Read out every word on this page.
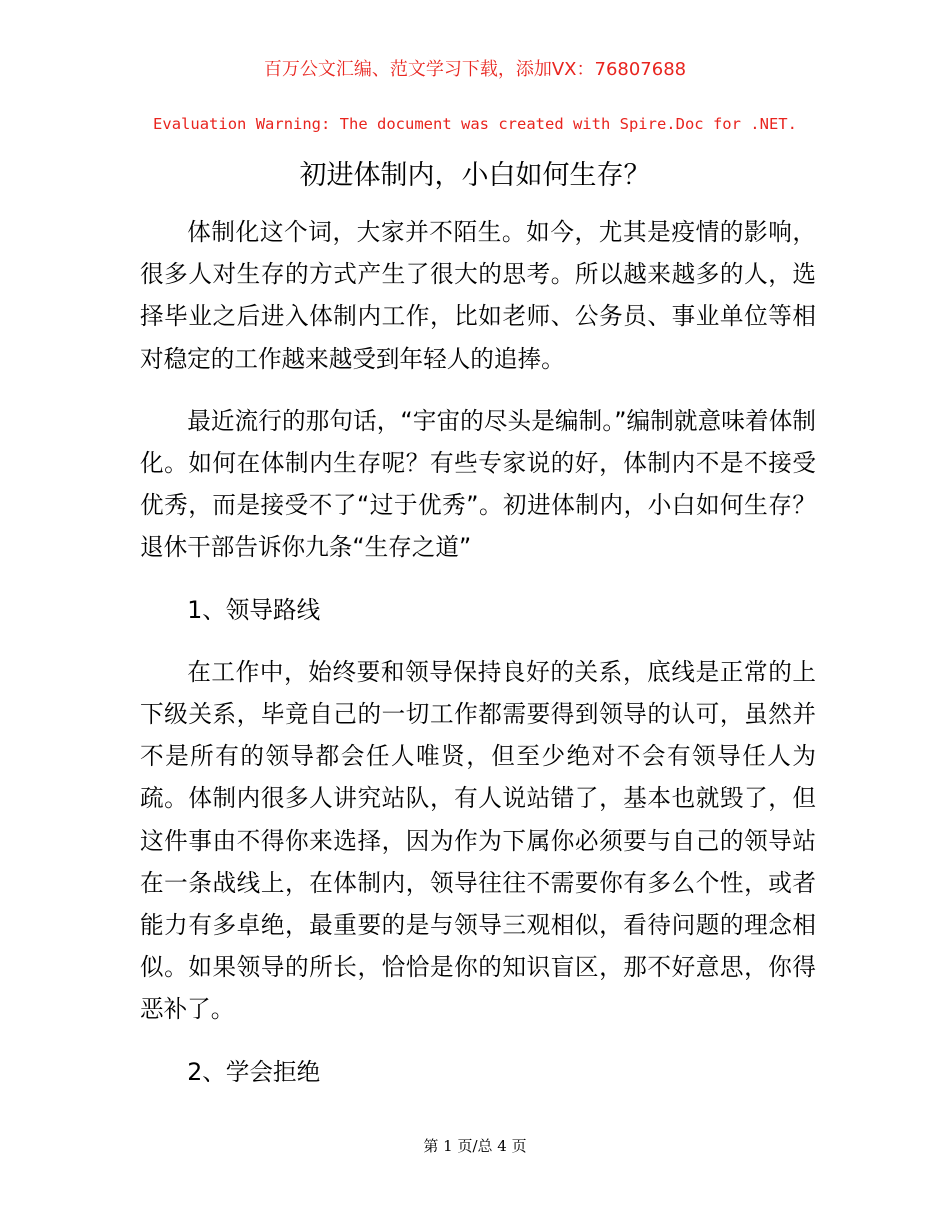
百万公文汇编、范文学习下载，添加VX：76807688
Evaluation Warning: The document was created with Spire.Doc for .NET.
初进体制内，小白如何生存？

体制化这个词，大家并不陌生。如今，尤其是疫情的影响，很多人对生存的方式产生了很大的思考。所以越来越多的人，选择毕业之后进入体制内工作，比如老师、公务员、事业单位等相对稳定的工作越来越受到年轻人的追捧。

最近流行的那句话，“宇宙的尽头是编制。”编制就意味着体制化。如何在体制内生存呢？有些专家说的好，体制内不是不接受优秀，而是接受不了“过于优秀”。初进体制内，小白如何生存？退休干部告诉你九条“生存之道”

1、领导路线

在工作中，始终要和领导保持良好的关系，底线是正常的上下级关系，毕竟自己的一切工作都需要得到领导的认可，虽然并不是所有的领导都会任人唯贤，但至少绝对不会有领导任人为疏。体制内很多人讲究站队，有人说站错了，基本也就毁了，但这件事由不得你来选择，因为作为下属你必须要与自己的领导站在一条战线上，在体制内，领导往往不需要你有多么个性，或者能力有多卓绝，最重要的是与领导三观相似，看待问题的理念相似。如果领导的所长，恰恰是你的知识盲区，那不好意思，你得恶补了。

2、学会拒绝

第 1 页/总 4 页
